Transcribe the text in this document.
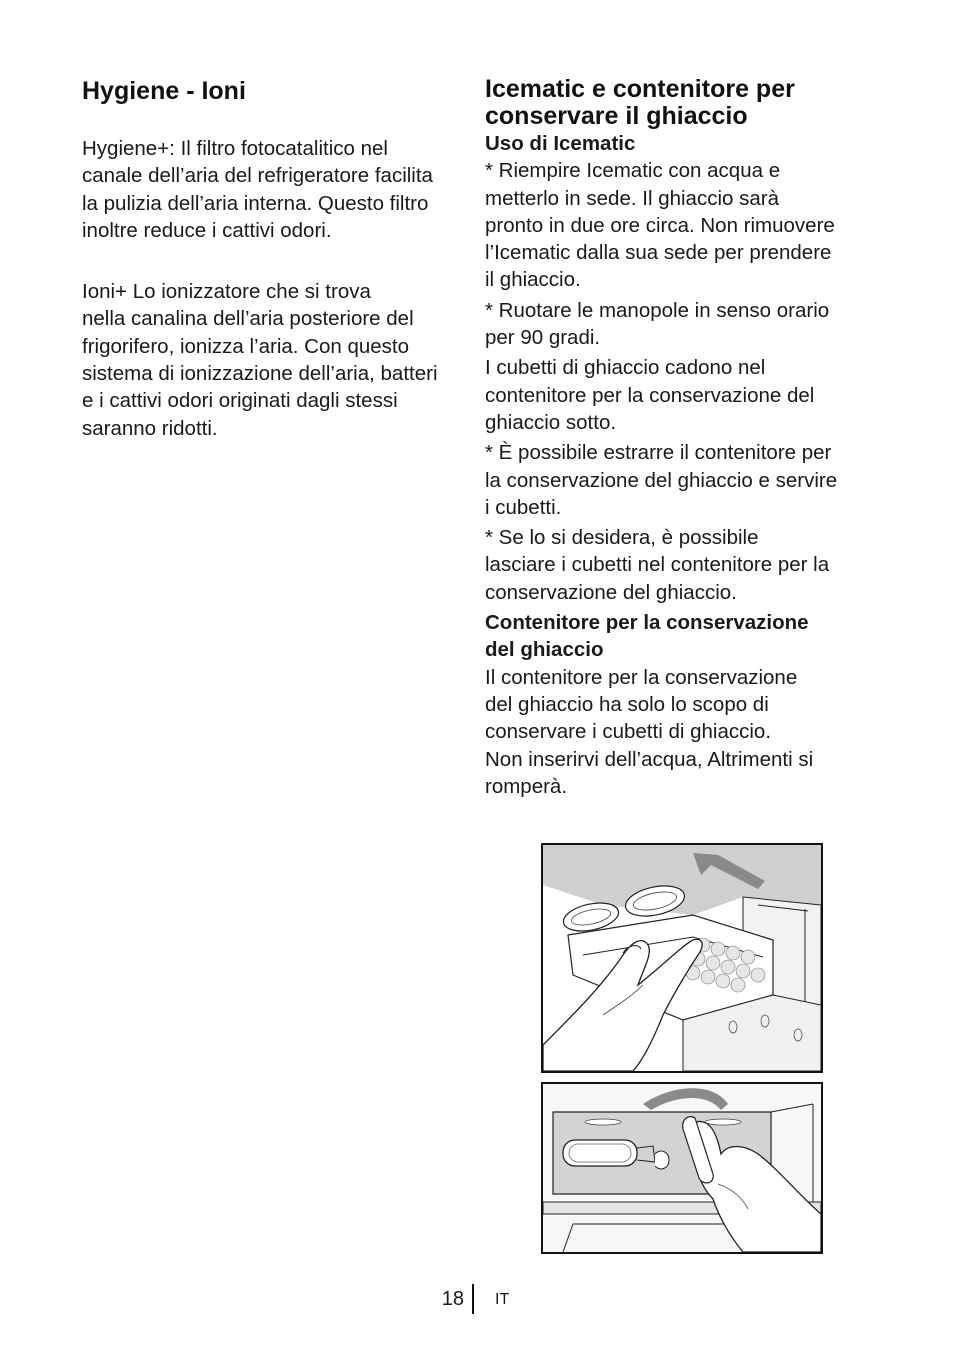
Hygiene - Ioni

Hygiene+: Il filtro fotocatalitico nel
canale dell’aria del refrigeratore facilita
la pulizia dell’aria interna. Questo filtro
inoltre reduce i cattivi odori.

Ioni+ Lo ionizzatore che si trova
nella canalina dell’aria posteriore del
frigorifero, ionizza l’aria. Con questo
sistema di ionizzazione dell’aria, batteri
e i cattivi odori originati dagli stessi
saranno ridotti.

Icematic e contenitore per
conservare il ghiaccio
Uso di Icematic

* Riempire Icematic con acqua e
metterlo in sede. Il ghiaccio sarà
pronto in due ore circa. Non rimuovere
l’Icematic dalla sua sede per prendere
il ghiaccio.

* Ruotare le manopole in senso orario
per 90 gradi.

I cubetti di ghiaccio cadono nel
contenitore per la conservazione del
ghiaccio sotto.

* È possibile estrarre il contenitore per
la conservazione del ghiaccio e servire
i cubetti.

* Se lo si desidera, è possibile
lasciare i cubetti nel contenitore per la
conservazione del ghiaccio.

Contenitore per la conservazione
del ghiaccio

Il contenitore per la conservazione
del ghiaccio ha solo lo scopo di
conservare i cubetti di ghiaccio.
Non inserirvi dell’acqua, Altrimenti si
romperà.

18 IT
